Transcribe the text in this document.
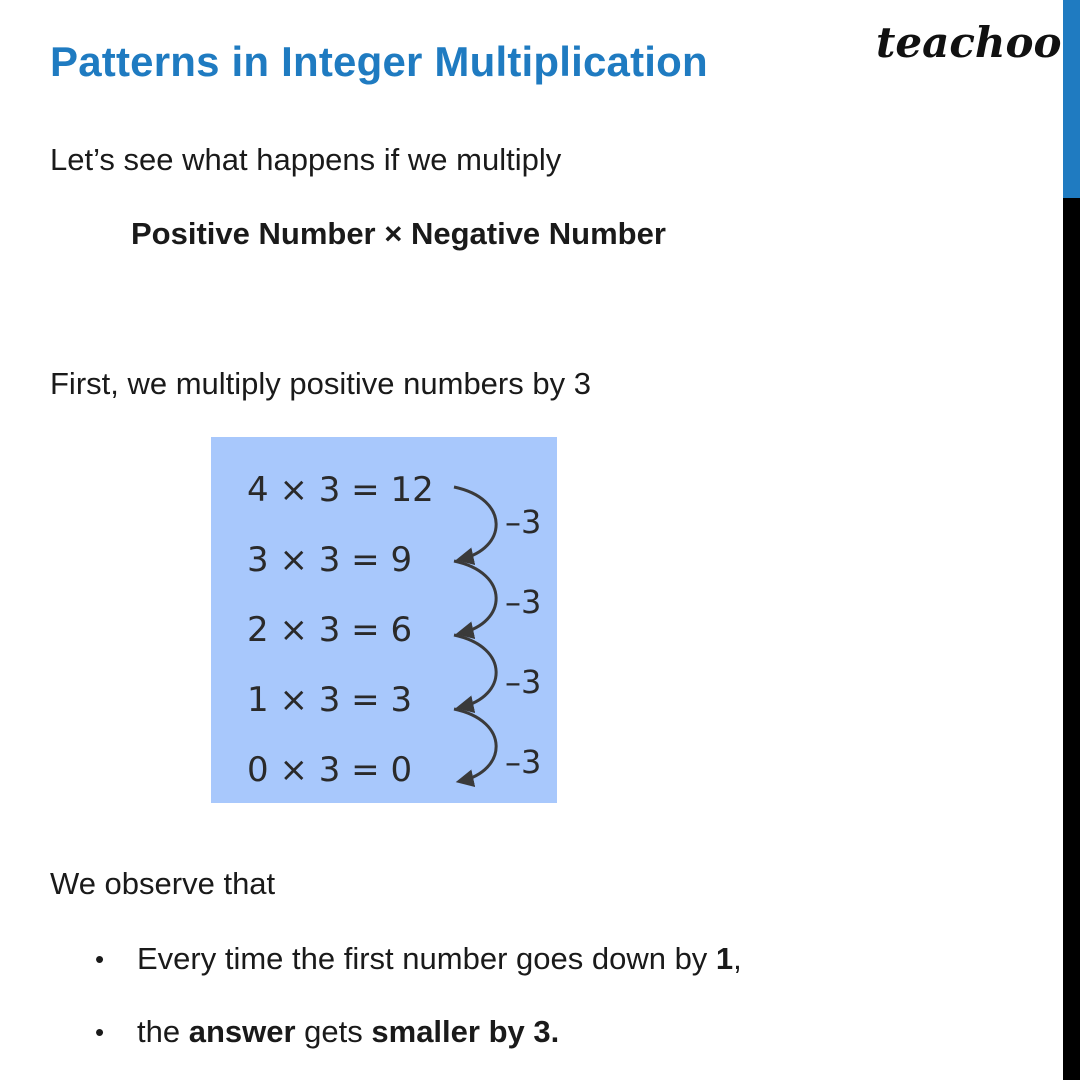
Patterns in Integer Multiplication	teachoo

Let’s see what happens if we multiply

Positive Number × Negative Number

First, we multiply positive numbers by 3

4 × 3 = 12

3 × 3 = 9

2 × 3 = 6

1 × 3 = 3

0 × 3 = 0

–3

–3

–3

–3

We observe that

• Every time the first number goes down by 1,

• the answer gets smaller by 3.
